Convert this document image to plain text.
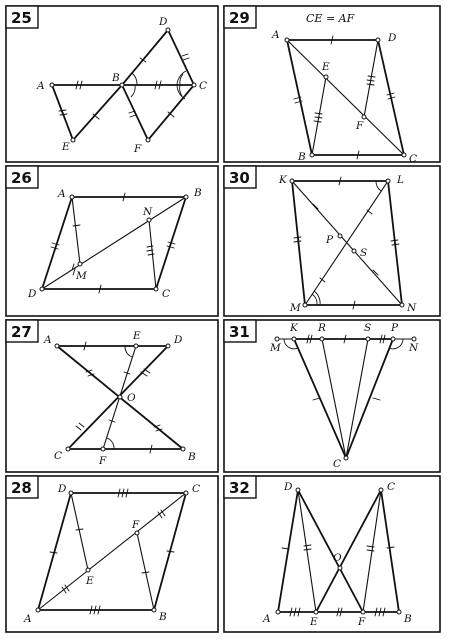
25	29
26	30
27	31
28	32
A
B
C
D
E	F
CE = AF
A
B	C
D
E
F
A	B
C
D
M
N
K	L
M	N
P
S
A
B
C
D
E
F
O
M
K R	S P
N
C
A	B
C
D
E
F
A	B
C
D
E	F
O
